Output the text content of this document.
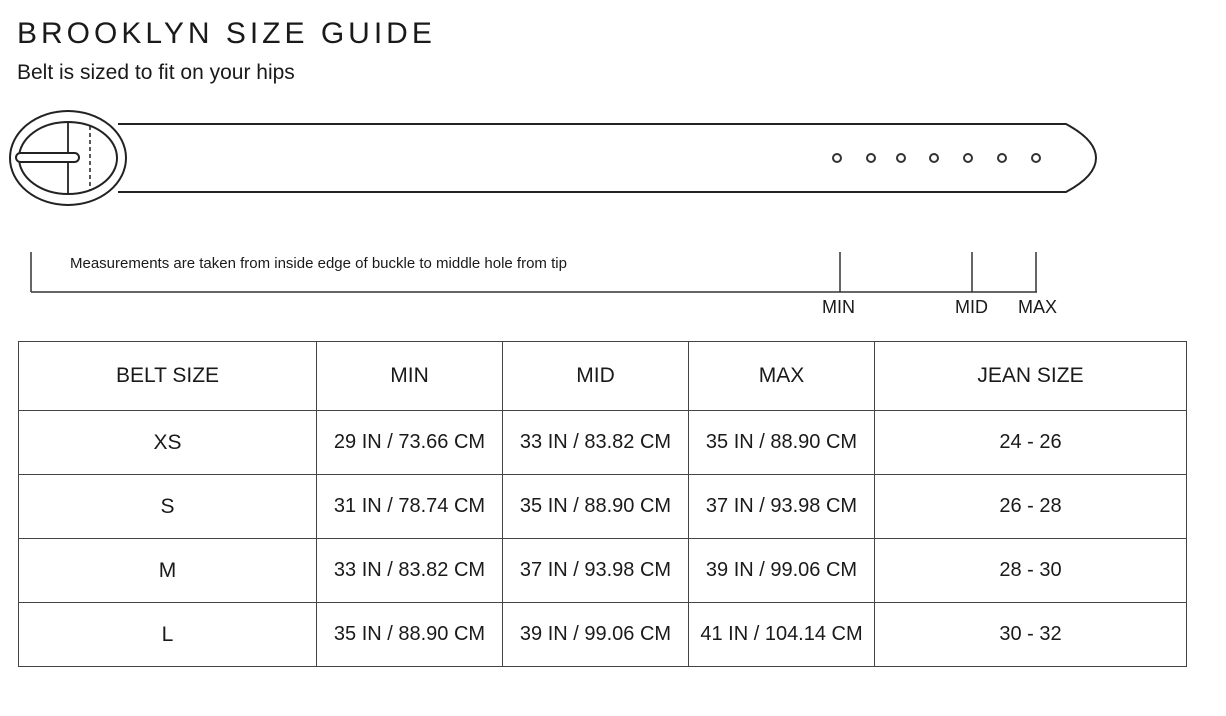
BROOKLYN SIZE GUIDE
Belt is sized to fit on your hips
Measurements are taken from inside edge of buckle to middle hole from tip
MIN	MID MAX
BELT SIZE	MIN	MID	MAX	JEAN SIZE
XS	29 IN / 73.66 CM	33 IN / 83.82 CM	35 IN / 88.90 CM	24 - 26
S	31 IN / 78.74 CM	35 IN / 88.90 CM	37 IN / 93.98 CM	26 - 28
M	33 IN / 83.82 CM	37 IN / 93.98 CM	39 IN / 99.06 CM	28 - 30
L	35 IN / 88.90 CM	39 IN / 99.06 CM	41 IN / 104.14 CM	30 - 32
